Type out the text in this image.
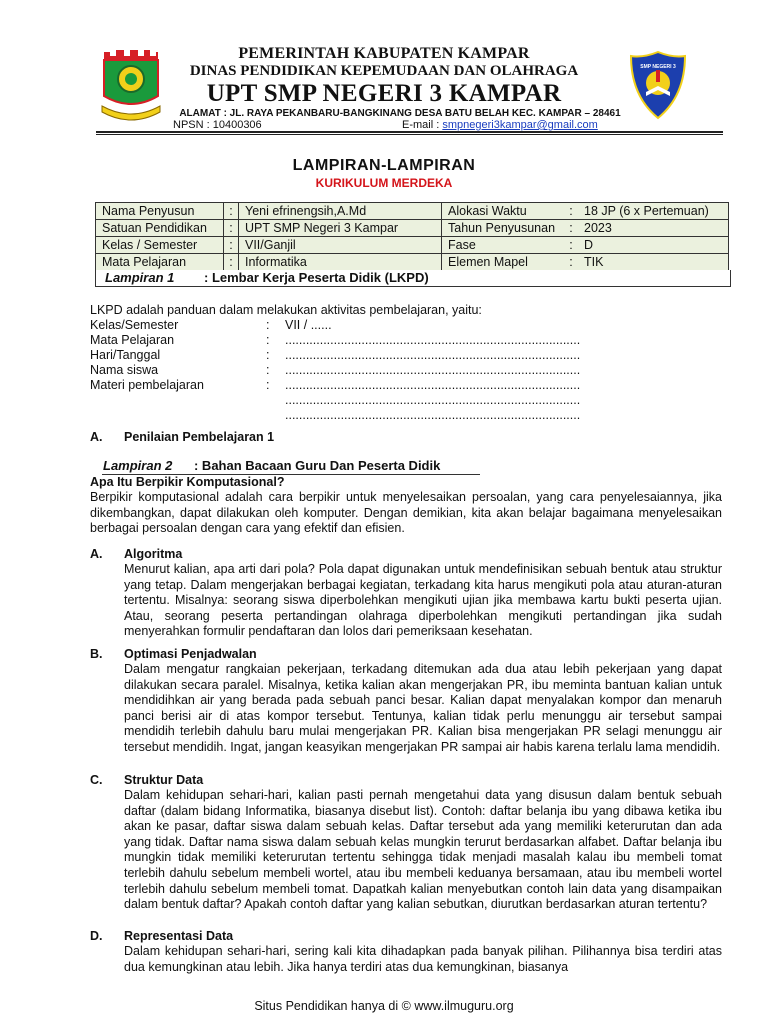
SMP NEGERI 3
PEMERINTAH KABUPATEN KAMPAR
DINAS PENDIDIKAN KEPEMUDAAN DAN OLAHRAGA
UPT SMP NEGERI 3 KAMPAR
ALAMAT : JL. RAYA PEKANBARU-BANGKINANG DESA BATU BELAH KEC. KAMPAR – 28461
NPSN : 10400306	E-mail : smpnegeri3kampar@gmail.com
LAMPIRAN-LAMPIRAN
KURIKULUM MERDEKA
Nama Penyusun	:	Yeni efrinengsih,A.Md	Alokasi Waktu	:	18 JP (6 x Pertemuan)
Satuan Pendidikan	:	UPT SMP Negeri 3 Kampar	Tahun Penyusunan	:	2023
Kelas / Semester	:	VII/Ganjil	Fase	:	D
Mata Pelajaran	:	Informatika	Elemen Mapel	:	TIK
Lampiran 1 : Lembar Kerja Peserta Didik (LKPD)
LKPD adalah panduan dalam melakukan aktivitas pembelajaran, yaitu:
Kelas/Semester	: VII / ......
Mata Pelajaran	: .....................................................................................
Hari/Tanggal	: .....................................................................................
Nama siswa	: .....................................................................................
Materi pembelajaran	: .....................................................................................
.....................................................................................
.....................................................................................
A. Penilaian Pembelajaran 1
Lampiran 2 : Bahan Bacaan Guru Dan Peserta Didik
Apa Itu Berpikir Komputasional?
Berpikir komputasional adalah cara berpikir untuk menyelesaikan persoalan, yang cara penyelesaiannya, jika dikembangkan, dapat dilakukan oleh komputer. Dengan demikian, kita akan belajar bagaimana menyelesaikan berbagai persoalan dengan cara yang efektif dan efisien.
A. Algoritma
Menurut kalian, apa arti dari pola? Pola dapat digunakan untuk mendefinisikan sebuah bentuk atau struktur yang tetap. Dalam mengerjakan berbagai kegiatan, terkadang kita harus mengikuti pola atau aturan-aturan tertentu. Misalnya: seorang siswa diperbolehkan mengikuti ujian jika membawa kartu bukti peserta ujian. Atau, seorang peserta pertandingan olahraga diperbolehkan mengikuti pertandingan jika sudah menyerahkan formulir pendaftaran dan lolos dari pemeriksaan kesehatan.
B. Optimasi Penjadwalan
Dalam mengatur rangkaian pekerjaan, terkadang ditemukan ada dua atau lebih pekerjaan yang dapat dilakukan secara paralel. Misalnya, ketika kalian akan mengerjakan PR, ibu meminta bantuan kalian untuk mendidihkan air yang berada pada sebuah panci besar. Kalian dapat menyalakan kompor dan menaruh panci berisi air di atas kompor tersebut. Tentunya, kalian tidak perlu menunggu air tersebut sampai mendidih terlebih dahulu baru mulai mengerjakan PR. Kalian bisa mengerjakan PR selagi menunggu air tersebut mendidih. Ingat, jangan keasyikan mengerjakan PR sampai air habis karena terlalu lama mendidih.
C. Struktur Data
Dalam kehidupan sehari-hari, kalian pasti pernah mengetahui data yang disusun dalam bentuk sebuah daftar (dalam bidang Informatika, biasanya disebut list). Contoh: daftar belanja ibu yang dibawa ketika ibu akan ke pasar, daftar siswa dalam sebuah kelas. Daftar tersebut ada yang memiliki keterurutan dan ada yang tidak. Daftar nama siswa dalam sebuah kelas mungkin terurut berdasarkan alfabet. Daftar belanja ibu mungkin tidak memiliki keterurutan tertentu sehingga tidak menjadi masalah kalau ibu membeli tomat terlebih dahulu sebelum membeli wortel, atau ibu membeli keduanya bersamaan, atau ibu membeli wortel terlebih dahulu sebelum membeli tomat. Dapatkah kalian menyebutkan contoh lain data yang disampaikan dalam bentuk daftar? Apakah contoh daftar yang kalian sebutkan, diurutkan berdasarkan aturan tertentu?
D. Representasi Data
Dalam kehidupan sehari-hari, sering kali kita dihadapkan pada banyak pilihan. Pilihannya bisa terdiri atas dua kemungkinan atau lebih. Jika hanya terdiri atas dua kemungkinan, biasanya
Situs Pendidikan hanya di © www.ilmuguru.org
